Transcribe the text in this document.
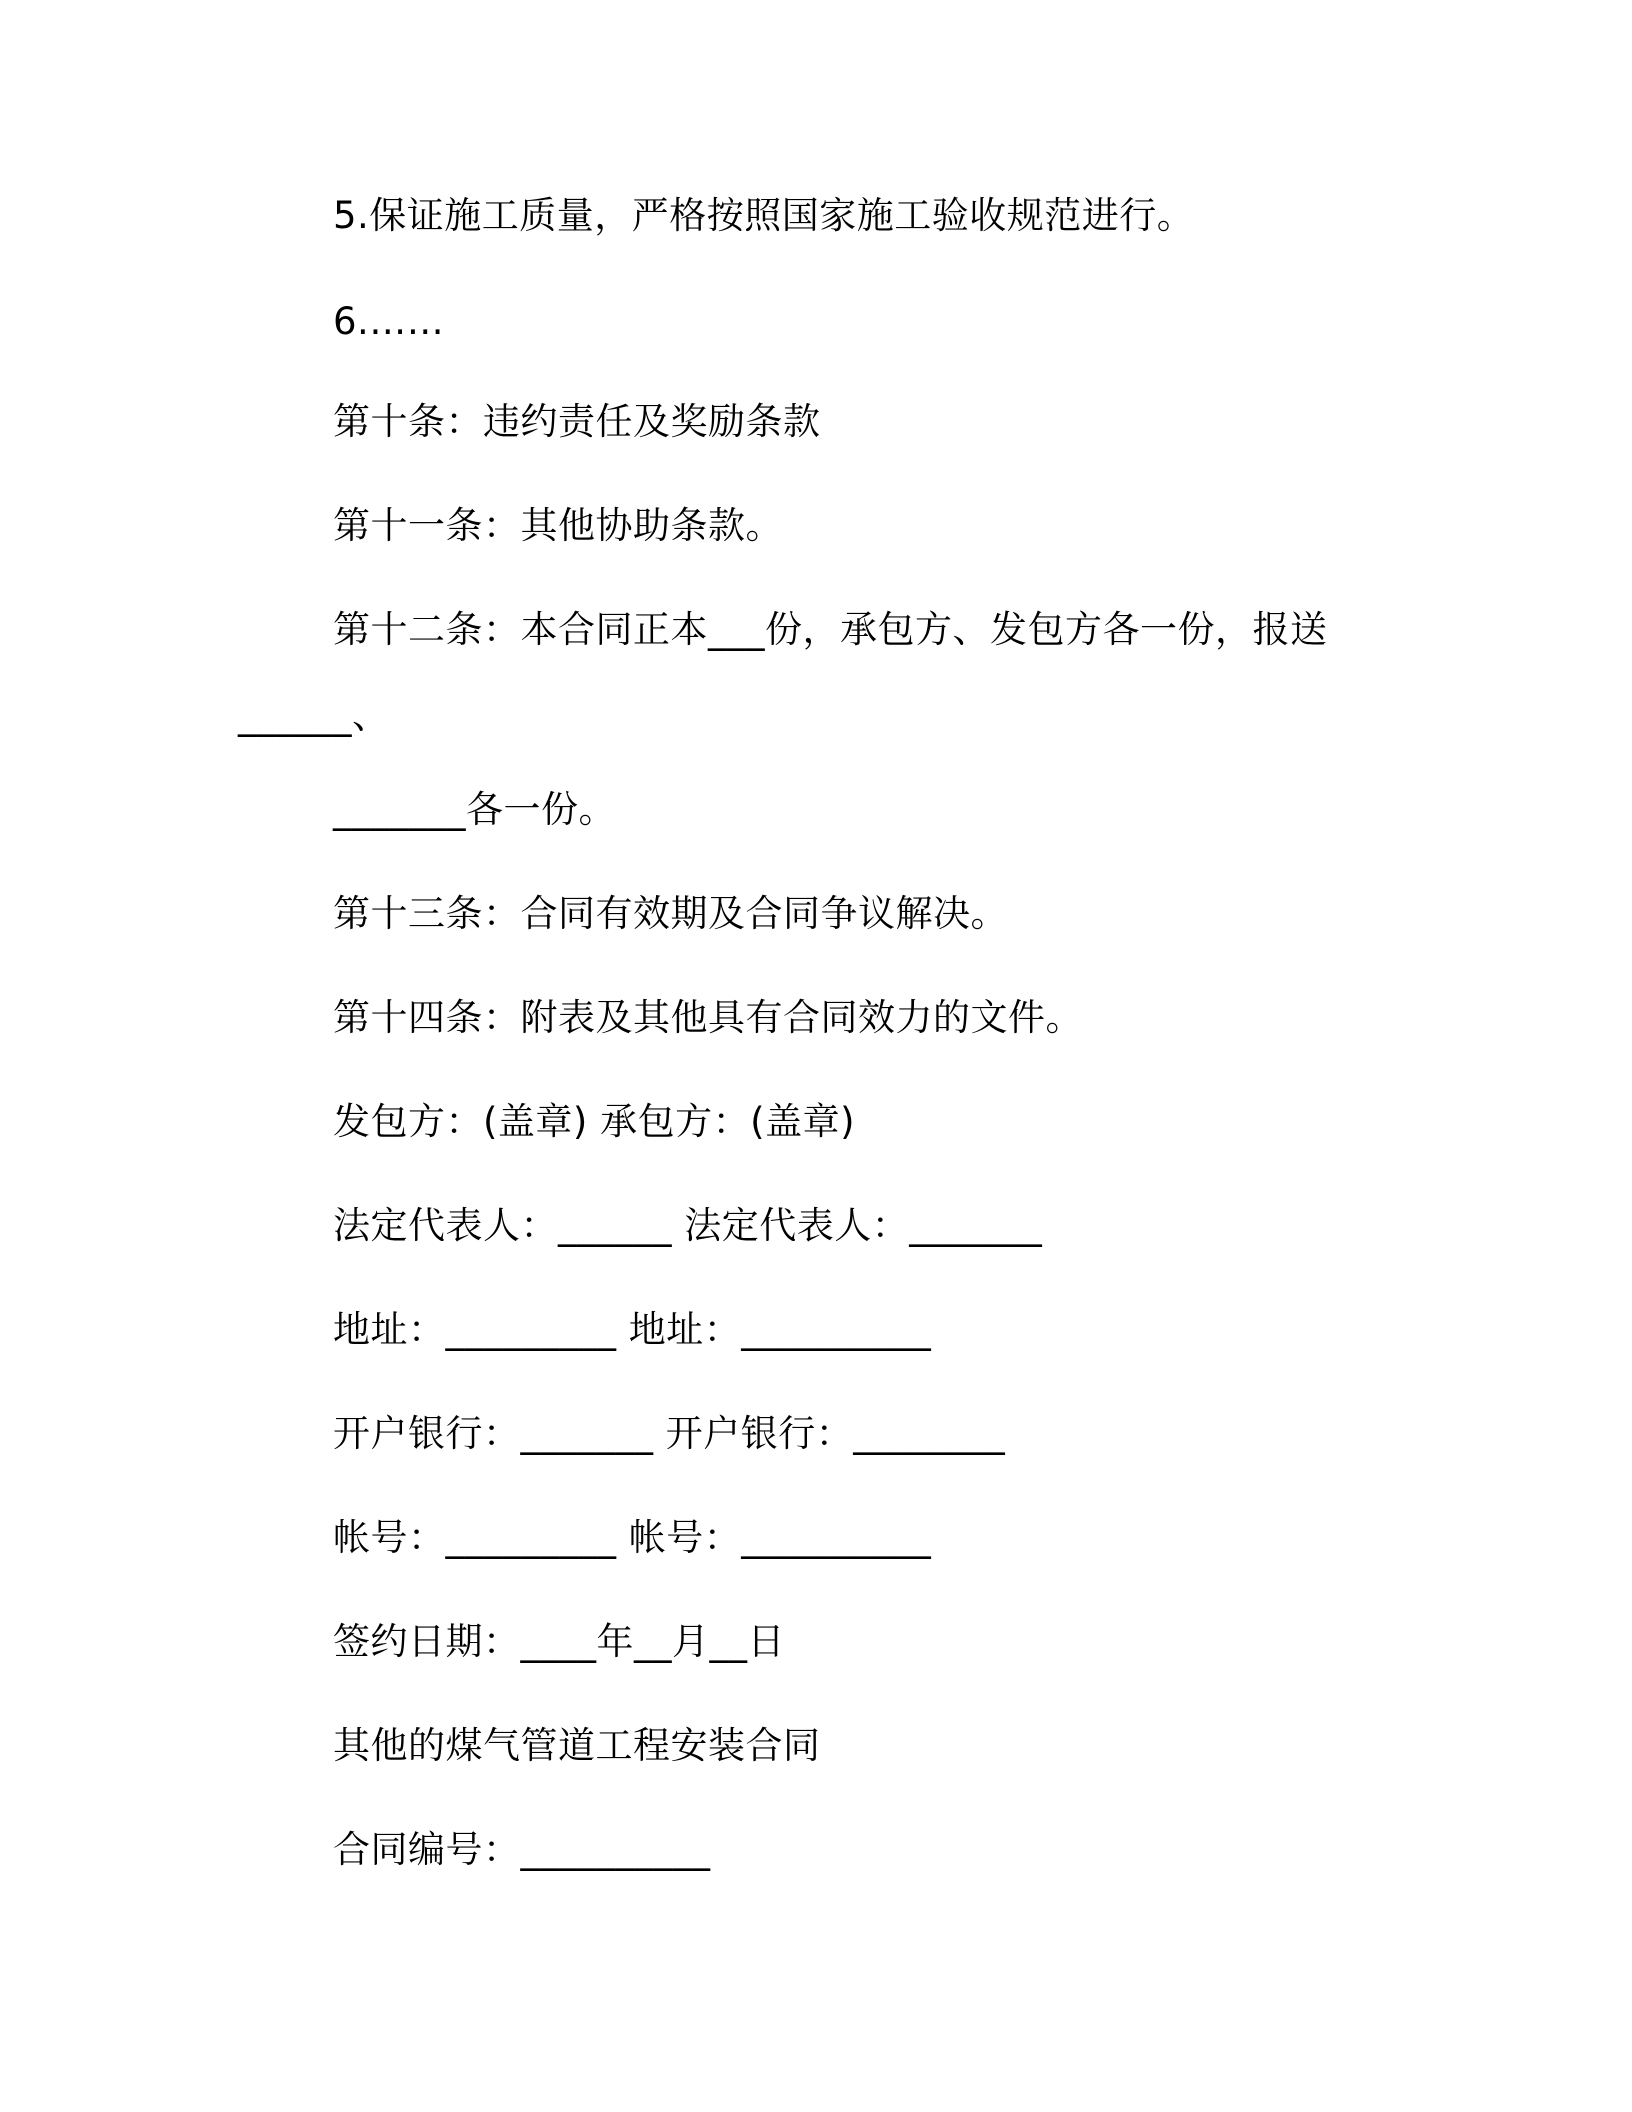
5.保证施工质量，严格按照国家施工验收规范进行。
6.……
第十条：违约责任及奖励条款
第十一条：其他协助条款。
第十二条：本合同正本___份，承包方、发包方各一份，报送
______、
_______各一份。
第十三条：合同有效期及合同争议解决。
第十四条：附表及其他具有合同效力的文件。
发包方：(盖章) 承包方：(盖章)
法定代表人：______ 法定代表人：_______
地址：_________ 地址：__________
开户银行：_______ 开户银行：________
帐号：_________ 帐号：__________
签约日期：____年__月__日
其他的煤气管道工程安装合同
合同编号：__________
